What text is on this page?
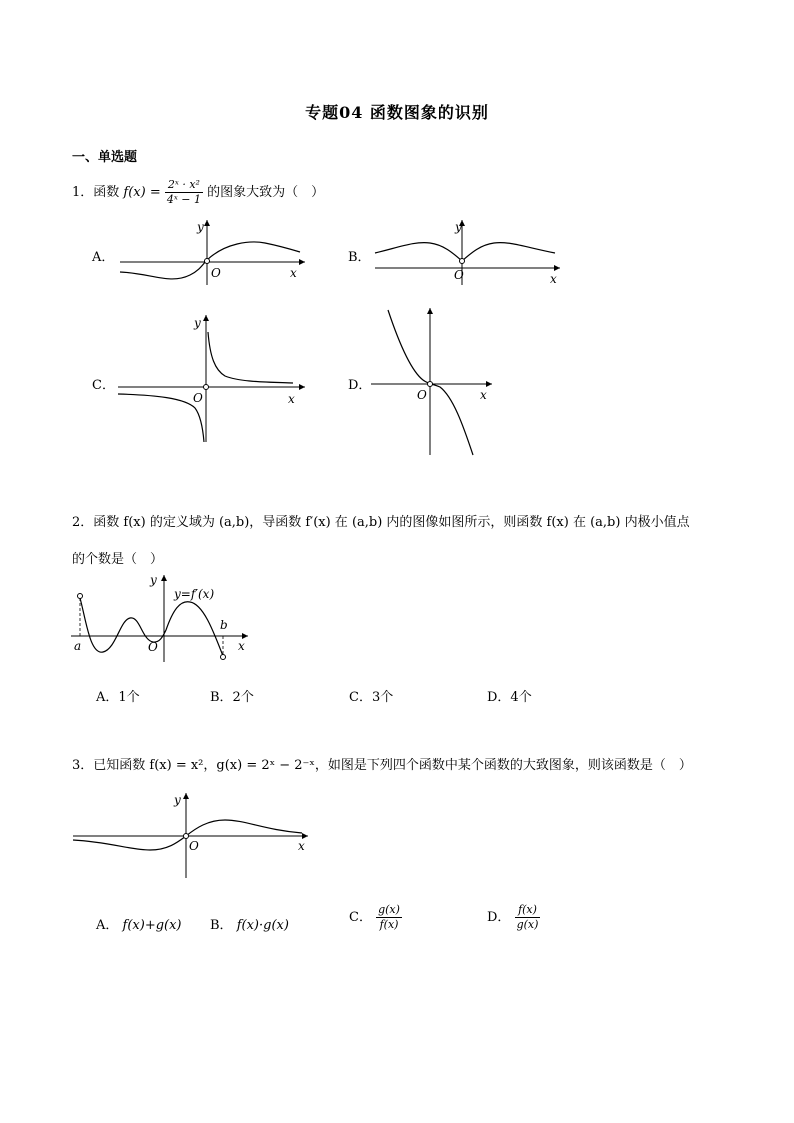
专题04 函数图象的识别
一、单选题
1．函数 $f(x) = \frac{\text{2ˣ · x²}}{\text{4ˣ − 1}}$ 的图象大致为（　）
A．
O	x
y
B．
O	x
y
C．
O	x
y
D．
O	x
2．函数 f(x) 的定义域为 (a,b)，导函数 f′(x) 在 (a,b) 内的图像如图所示，则函数 f(x) 在 (a,b) 内极小值点
的个数是（　）
a	O	x
y
b
y=f′(x)
A．1个	B．2个	C．3个	D．4个
3．已知函数 f(x) = x²，g(x) = 2ˣ − 2⁻ˣ，如图是下列四个函数中某个函数的大致图象，则该函数是（　）
O	x
y
A． f(x)+g(x) B． f(x)·g(x)
C． $\frac{g(x)}{f(x)}$	D． $\frac{f(x)}{g(x)}$
